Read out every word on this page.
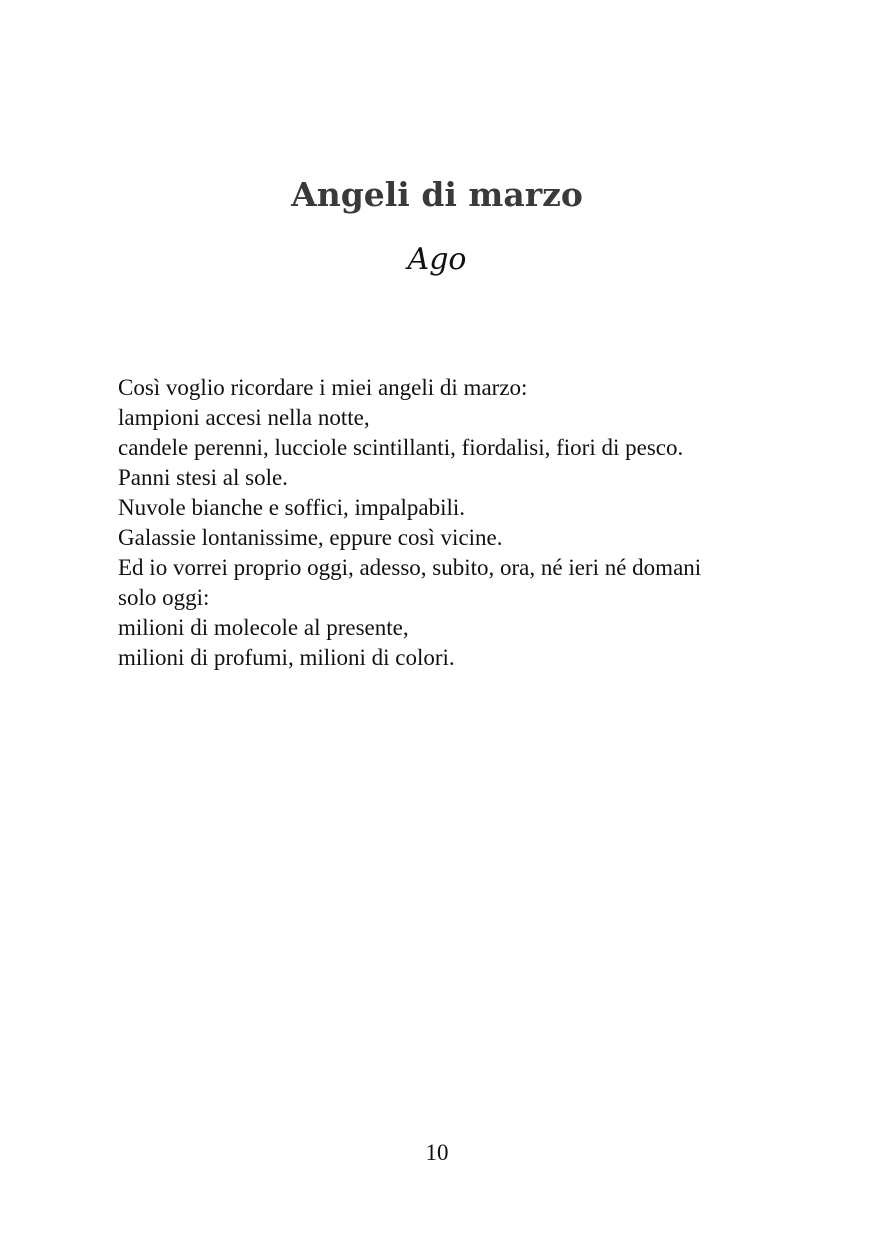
Angeli di marzo
Ago
Così voglio ricordare i miei angeli di marzo:
lampioni accesi nella notte,
candele perenni, lucciole scintillanti, fiordalisi, fiori di pesco.
Panni stesi al sole.
Nuvole bianche e soffici, impalpabili.
Galassie lontanissime, eppure così vicine.
Ed io vorrei proprio oggi, adesso, subito, ora, né ieri né domani
solo oggi:
milioni di molecole al presente,
milioni di profumi, milioni di colori.
10
